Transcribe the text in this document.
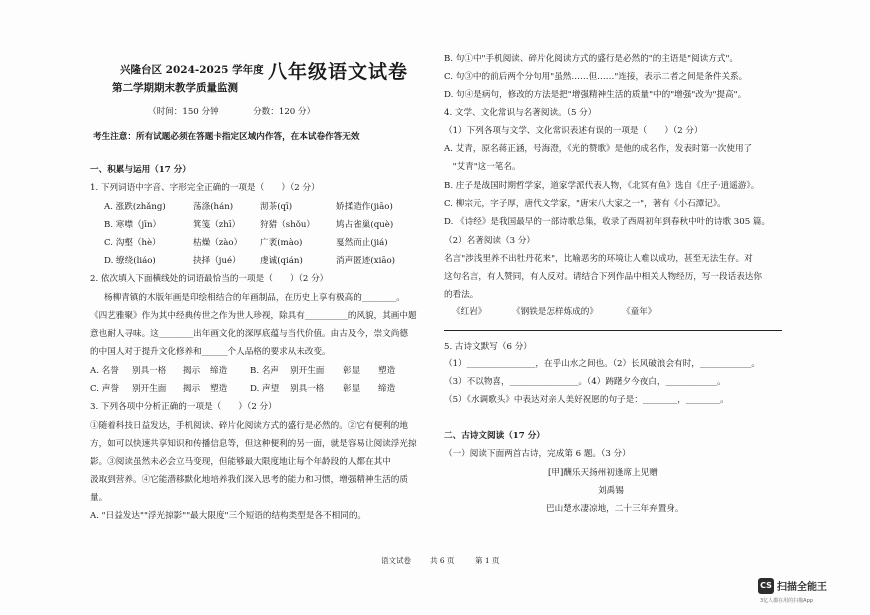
兴隆台区 2024-2025 学年度
第二学期期末教学质量监测
八年级语文试卷
（时间：150 分钟　　　　分数：120 分）
考生注意：所有试题必须在答题卡指定区域内作答，在本试卷作答无效
一、积累与运用（17 分）
1. 下列词语中字音、字形完全正确的一项是（　　）（2 分）
A. 涨跌(zhǎng)	荡涤(hán)	沏茶(qī)	娇揉造作(jiāo)
B. 寒噤（jīn）	箕笺（zhī） 狩猎（shǒu） 鸠占雀巢(què)
C. 沟壑（hè）	枯燥（zào） 广袤(mào)	戛然而止(jiá)
D. 缭绕(liáo)	抉择（jué） 虔诚(qián)	消声匿迹(xiāo)
2. 依次填入下面横线处的词语最恰当的一项是（　　）（2 分）
杨柳青镇的木版年画是印绘相结合的年画制品，在历史上享有极高的________。
《四艺雅聚》作为其中经典传世之作为世人珍视，除具有__________的风貌，其画中题
意也耐人寻味。这________出年画文化的深厚底蕴与当代价值。由古及今，崇文尚德
的中国人对于提升文化修养和______个人品格的要求从未改变。
A. 名誉 别具一格 揭示 缔造	B. 名声 别开生面 彰显 塑造
C. 声誉 别开生面 揭示 塑造	D. 声望 别具一格 彰显 缔造
3. 下列各项中分析正确的一项是（　　）（2 分）
①随着科技日益发达，手机阅读、碎片化阅读方式的盛行是必然的。②它有便利的地
方，如可以快速共享知识和传播信息等，但这种便利的另一面，就是容易让阅读浮光掠
影。③阅读虽然未必会立马变现，但能够最大限度地让每个年龄段的人都在其中
汲取到营养。④它能潜移默化地培养我们深入思考的能力和习惯，增强精神生活的质
量。
A. "日益发达""浮光掠影""最大限度"三个短语的结构类型是各不相同的。
B. 句①中"手机阅读、碎片化阅读方式的盛行是必然的"的主语是"阅读方式"。
C. 句③中的前后两个分句用"虽然……但……"连接，表示二者之间是条件关系。
D. 句④是病句，修改的方法是把"增强精神生活的质量"中的"增强"改为"提高"。
4. 文学、文化常识与名著阅读。（5 分）
（1）下列各项与文学、文化常识表述有误的一项是（　　）（2 分）
A. 艾青，原名蒋正涵，号海澄，《光的赞歌》是他的成名作，发表时第一次使用了
　"艾青"这一笔名。
B. 庄子是战国时期哲学家，道家学派代表人物，《北冥有鱼》选自《庄子·逍遥游》。
C. 柳宗元，字子厚，唐代文学家，"唐宋八大家之一"，著有《小石潭记》。
D. 《诗经》是我国最早的一部诗歌总集，收录了西周初年到春秋中叶的诗歌 305 篇。
（2）名著阅读（3 分）
名言"涉浅里养不出牡丹花来"，比喻恶劣的环境让人难以成功，甚至无法生存。对
这句名言，有人赞同，有人反对。请结合下列作品中相关人物经历，写一段话表达你
的看法。
《红岩》	《钢铁是怎样炼成的》	《童年》
5. 古诗文默写（6 分）
（1）________________，在乎山水之间也。（2）长风破浪会有时，____________。
（3）不以物喜，________________。（4）踌躇夕今夜白，____________。
（5）《水调歌头》中表达对亲人美好祝愿的句子是：________，________。
二、古诗文阅读（17 分）
（一）阅读下面两首古诗，完成第 6 题。（3 分）
[甲]酬乐天扬州初逢席上见赠
刘禹锡
巴山楚水凄凉地，二十三年弃置身。
语文试卷	共 6 页	第 1 页
CS 扫描全能王
3亿人都在用的扫描App
